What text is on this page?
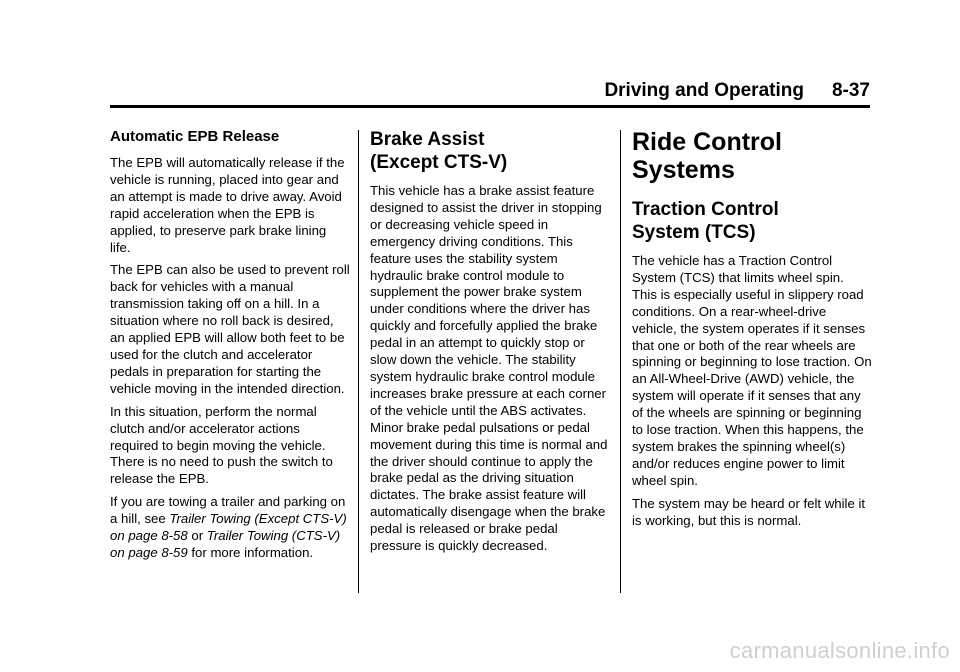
Driving and Operating 8-37
Automatic EPB Release

The EPB will automatically release if the vehicle is running, placed into gear and an attempt is made to drive away. Avoid rapid acceleration when the EPB is applied, to preserve park brake lining life.

The EPB can also be used to prevent roll back for vehicles with a manual transmission taking off on a hill. In a situation where no roll back is desired, an applied EPB will allow both feet to be used for the clutch and accelerator pedals in preparation for starting the vehicle moving in the intended direction.

In this situation, perform the normal clutch and/or accelerator actions required to begin moving the vehicle. There is no need to push the switch to release the EPB.

If you are towing a trailer and parking on a hill, see Trailer Towing (Except CTS-V) on page 8-58 or Trailer Towing (CTS-V) on page 8-59 for more information.

Brake Assist
(Except CTS-V)

This vehicle has a brake assist feature designed to assist the driver in stopping or decreasing vehicle speed in emergency driving conditions. This feature uses the stability system hydraulic brake control module to supplement the power brake system under conditions where the driver has quickly and forcefully applied the brake pedal in an attempt to quickly stop or slow down the vehicle. The stability system hydraulic brake control module increases brake pressure at each corner of the vehicle until the ABS activates. Minor brake pedal pulsations or pedal movement during this time is normal and the driver should continue to apply the brake pedal as the driving situation dictates. The brake assist feature will automatically disengage when the brake pedal is released or brake pedal pressure is quickly decreased.

Ride Control Systems
Traction Control
System (TCS)

The vehicle has a Traction Control System (TCS) that limits wheel spin. This is especially useful in slippery road conditions. On a rear-wheel-drive vehicle, the system operates if it senses that one or both of the rear wheels are spinning or beginning to lose traction. On an All-Wheel-Drive (AWD) vehicle, the system will operate if it senses that any of the wheels are spinning or beginning to lose traction. When this happens, the system brakes the spinning wheel(s) and/or reduces engine power to limit wheel spin.

The system may be heard or felt while it is working, but this is normal.

carmanualsonline.info
